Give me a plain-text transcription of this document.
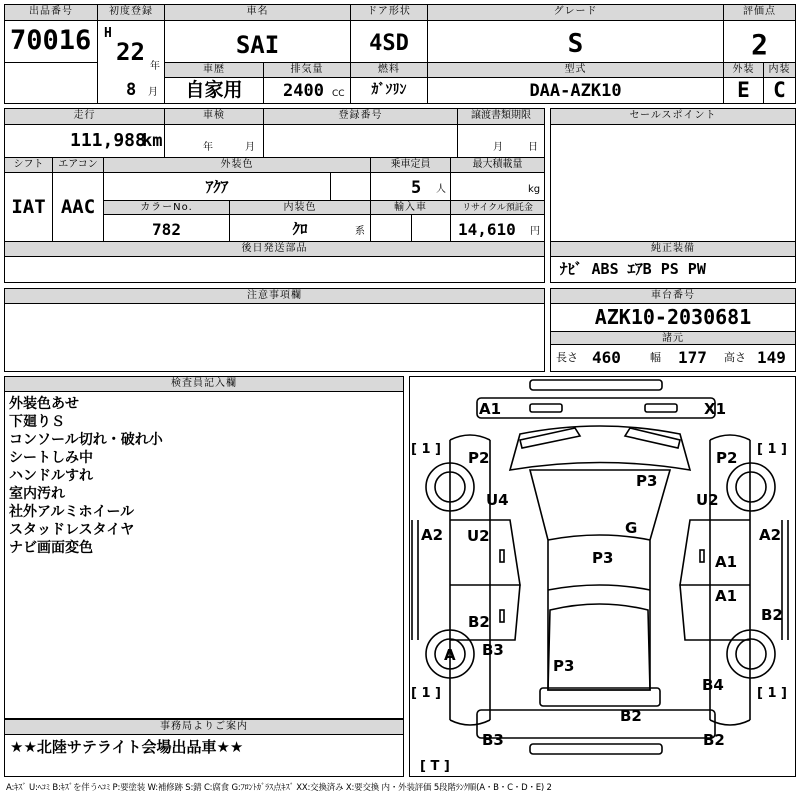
出品番号
70016
初度登録
H
22
年
8 月
車名
SAI
ドア形状
4SD
グレード
S
評価点
2
車歴
自家用
排気量
2400 CC
燃料
ｶﾞｿﾘﾝ
型式
DAA-AZK10
外装
E
内装
C
走行
111,988
km
車検
年	月
登録番号	譲渡書類期限
月	日
シフト
IAT
エアコン
AAC
外装色
ｱｸｱ
乗車定員
5 人
最大積載量
kg
カラーNo.
782
内装色
ｸﾛ	系
輸入車	リサイクル預託金
14,610 円
後日発送部品
セールスポイント
純正装備
ﾅﾋﾞ ABS ｴｱB PS PW
注意事項欄	車台番号
AZK10-2030681
諸元
長さ 460	幅 177 高さ 149
検査員記入欄
外装色あせ
下廻りＳ
コンソール切れ・破れ小
シートしみ中
ハンドルすれ
室内汚れ
社外アルミホイール
スタッドレスタイヤ
ナビ画面変色
事務局よりご案内
★★北陸サテライト会場出品車★★
A1	X1
P2	P2
P3
U4	U2
A2	A2
U2	G
P3	A1
A1
B2
B2
A B3
P3
B4
B2
B3	B2
[ 1 ]	[ 1 ]
[ 1 ]	[ 1 ]
[ T ]
A:ｷｽﾞ U:ﾍｺﾐ B:ｷｽﾞを伴うﾍｺﾐ P:要塗装 W:補修跡 S:錆 C:腐食 G:ﾌﾛﾝﾄｶﾞﾗｽ点ｷｽﾞ XX:交換済み X:要交換 内・外装評価 5段階ﾗﾝｸ順(A・B・C・D・E) 2
